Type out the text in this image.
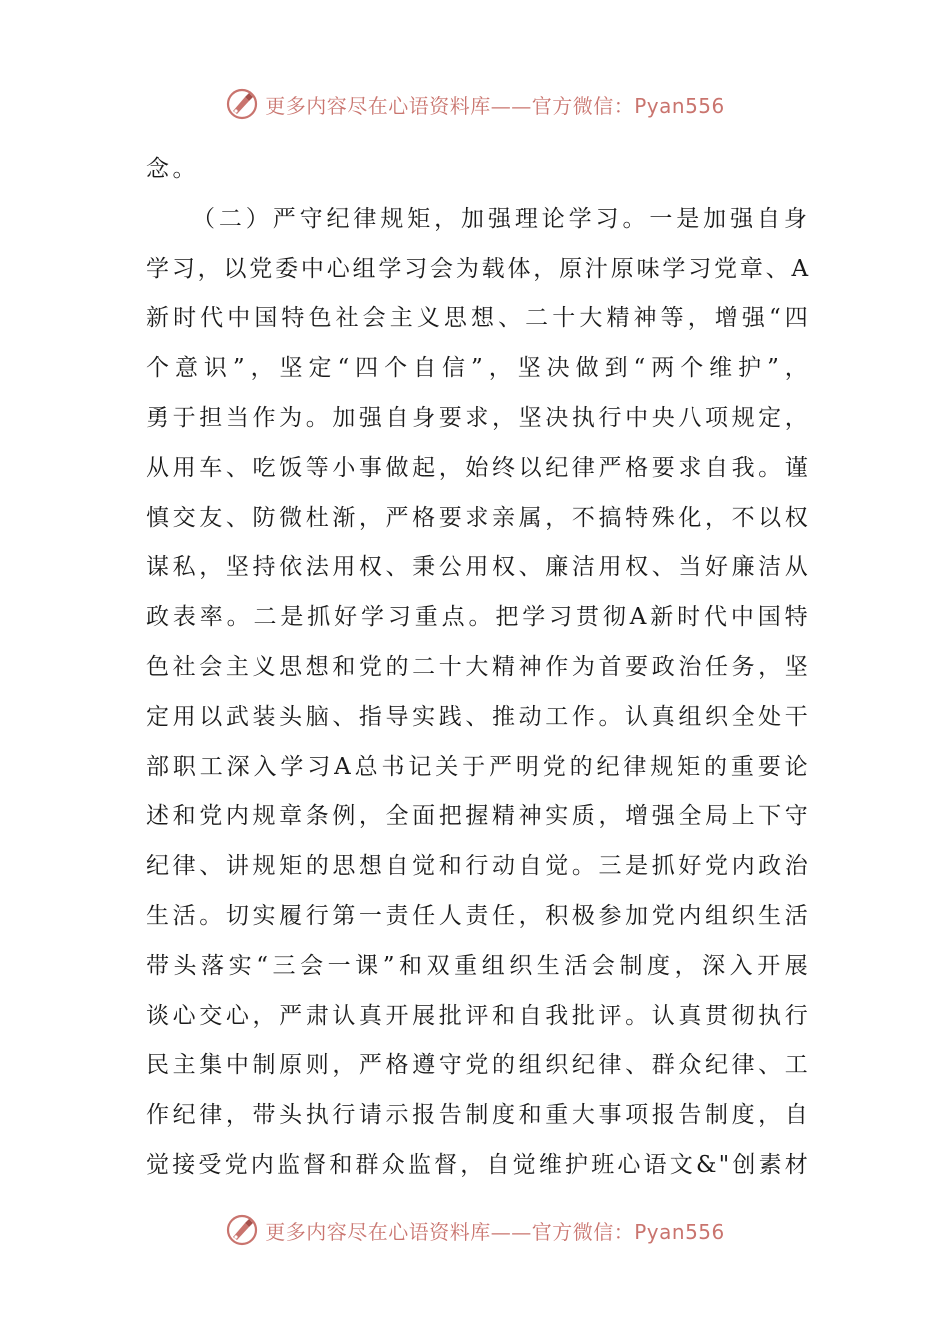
更多内容尽在心语资料库——官方微信：Pyan556
念。
（二）严守纪律规矩，加强理论学习。一是加强自身
学习，以党委中心组学习会为载体，原汁原味学习党章、A
新时代中国特色社会主义思想、二十大精神等，增强“四
个意识”，坚定“四个自信”，坚决做到“两个维护”，
勇于担当作为。加强自身要求，坚决执行中央八项规定，
从用车、吃饭等小事做起，始终以纪律严格要求自我。谨
慎交友、防微杜渐，严格要求亲属，不搞特殊化，不以权
谋私，坚持依法用权、秉公用权、廉洁用权、当好廉洁从
政表率。二是抓好学习重点。把学习贯彻A新时代中国特
色社会主义思想和党的二十大精神作为首要政治任务，坚
定用以武装头脑、指导实践、推动工作。认真组织全处干
部职工深入学习A总书记关于严明党的纪律规矩的重要论
述和党内规章条例，全面把握精神实质，增强全局上下守
纪律、讲规矩的思想自觉和行动自觉。三是抓好党内政治
生活。切实履行第一责任人责任，积极参加党内组织生活
带头落实“三会一课”和双重组织生活会制度，深入开展
谈心交心，严肃认真开展批评和自我批评。认真贯彻执行
民主集中制原则，严格遵守党的组织纪律、群众纪律、工
作纪律，带头执行请示报告制度和重大事项报告制度，自
觉接受党内监督和群众监督，自觉维护班心语文&"创素材
更多内容尽在心语资料库——官方微信：Pyan556
